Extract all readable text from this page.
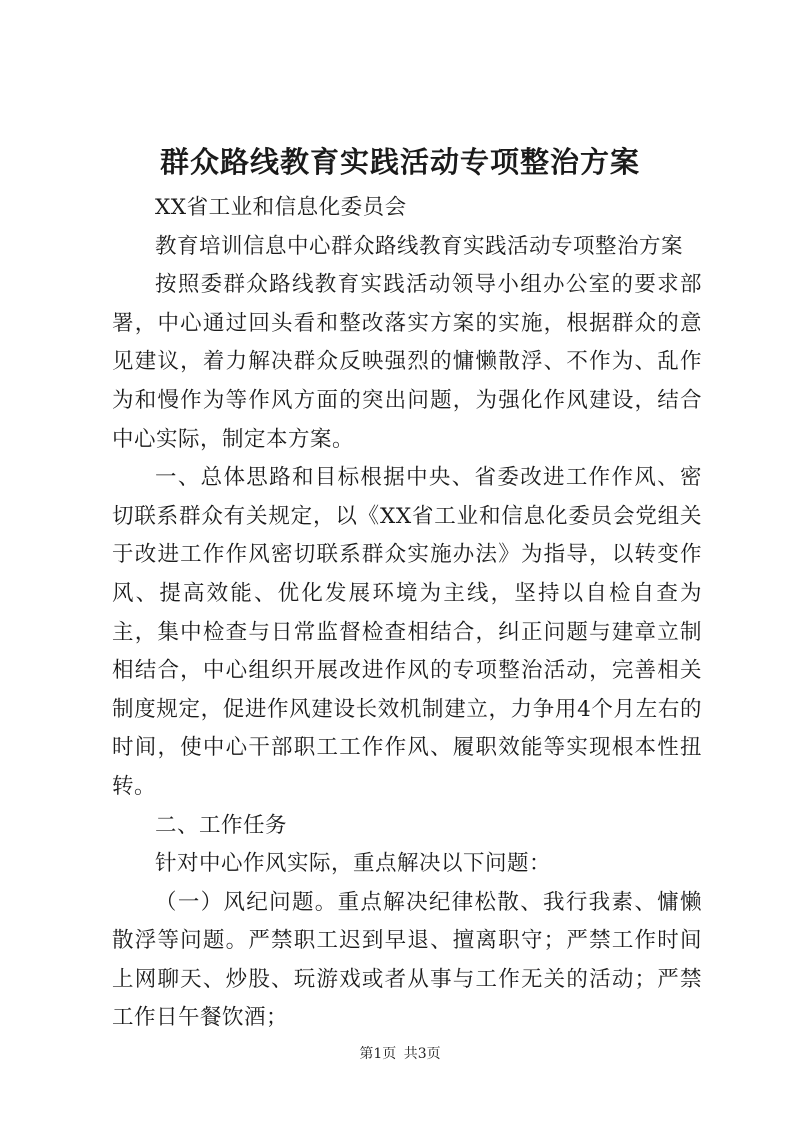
群众路线教育实践活动专项整治方案

XX省工业和信息化委员会

教育培训信息中心群众路线教育实践活动专项整治方案

按照委群众路线教育实践活动领导小组办公室的要求部署，中心通过回头看和整改落实方案的实施，根据群众的意见建议，着力解决群众反映强烈的慵懒散浮、不作为、乱作为和慢作为等作风方面的突出问题，为强化作风建设，结合中心实际，制定本方案。

一、总体思路和目标根据中央、省委改进工作作风、密切联系群众有关规定，以《XX省工业和信息化委员会党组关于改进工作作风密切联系群众实施办法》为指导，以转变作风、提高效能、优化发展环境为主线，坚持以自检自查为主，集中检查与日常监督检查相结合，纠正问题与建章立制相结合，中心组织开展改进作风的专项整治活动，完善相关制度规定，促进作风建设长效机制建立，力争用4个月左右的时间，使中心干部职工工作作风、履职效能等实现根本性扭转。

二、工作任务

针对中心作风实际，重点解决以下问题：

（一）风纪问题。重点解决纪律松散、我行我素、慵懒散浮等问题。严禁职工迟到早退、擅离职守；严禁工作时间上网聊天、炒股、玩游戏或者从事与工作无关的活动；严禁工作日午餐饮酒；

第1页 共3页
